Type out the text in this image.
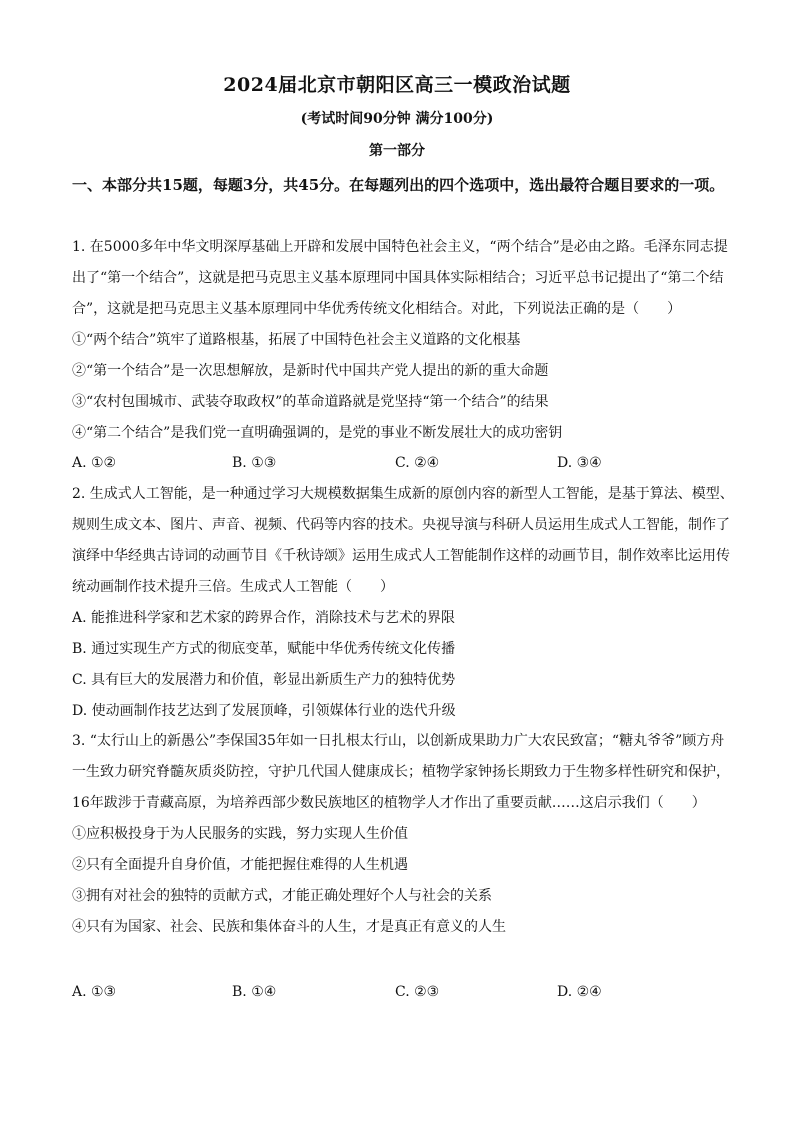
2024届北京市朝阳区高三一模政治试题
(考试时间90分钟 满分100分)
第一部分
一、本部分共15题，每题3分，共45分。在每题列出的四个选项中，选出最符合题目要求的一项。

1. 在5000多年中华文明深厚基础上开辟和发展中国特色社会主义，“两个结合”是必由之路。毛泽东同志提出了“第一个结合”，这就是把马克思主义基本原理同中国具体实际相结合；习近平总书记提出了“第二个结合”，这就是把马克思主义基本原理同中华优秀传统文化相结合。对此，下列说法正确的是（　　）

①“两个结合”筑牢了道路根基，拓展了中国特色社会主义道路的文化根基

②“第一个结合”是一次思想解放，是新时代中国共产党人提出的新的重大命题

③“农村包围城市、武装夺取政权”的革命道路就是党坚持“第一个结合”的结果

④“第二个结合”是我们党一直明确强调的，是党的事业不断发展壮大的成功密钥

A. ①②	B. ①③	C. ②④	D. ③④

2. 生成式人工智能，是一种通过学习大规模数据集生成新的原创内容的新型人工智能，是基于算法、模型、规则生成文本、图片、声音、视频、代码等内容的技术。央视导演与科研人员运用生成式人工智能，制作了演绎中华经典古诗词的动画节目《千秋诗颂》运用生成式人工智能制作这样的动画节目，制作效率比运用传统动画制作技术提升三倍。生成式人工智能（　　）

A. 能推进科学家和艺术家的跨界合作，消除技术与艺术的界限

B. 通过实现生产方式的彻底变革，赋能中华优秀传统文化传播

C. 具有巨大的发展潜力和价值，彰显出新质生产力的独特优势

D. 使动画制作技艺达到了发展顶峰，引领媒体行业的迭代升级

3. “太行山上的新愚公”李保国35年如一日扎根太行山，以创新成果助力广大农民致富；“糖丸爷爷”顾方舟一生致力研究脊髓灰质炎防控，守护几代国人健康成长；植物学家钟扬长期致力于生物多样性研究和保护，16年跋涉于青藏高原，为培养西部少数民族地区的植物学人才作出了重要贡献……这启示我们（　　）

①应积极投身于为人民服务的实践，努力实现人生价值

②只有全面提升自身价值，才能把握住难得的人生机遇

③拥有对社会的独特的贡献方式，才能正确处理好个人与社会的关系

④只有为国家、社会、民族和集体奋斗的人生，才是真正有意义的人生

A. ①③	B. ①④	C. ②③	D. ②④
